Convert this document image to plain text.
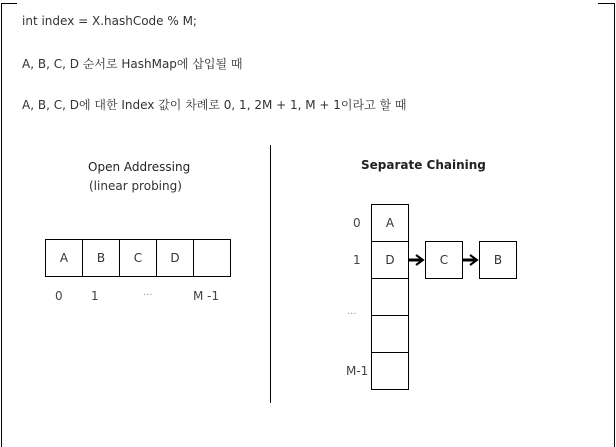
int index = X.hashCode % M;
A, B, C, D 순서로 HashMap에 삽입될 때
A, B, C, D에 대한 Index 값이 차례로 0, 1, 2M + 1, M + 1이라고 할 때
Open Addressing
(linear probing)
A	B	C	D
0 1	...	M -1
Separate Chaining
A
D
0
1
...
M-1
C	B
